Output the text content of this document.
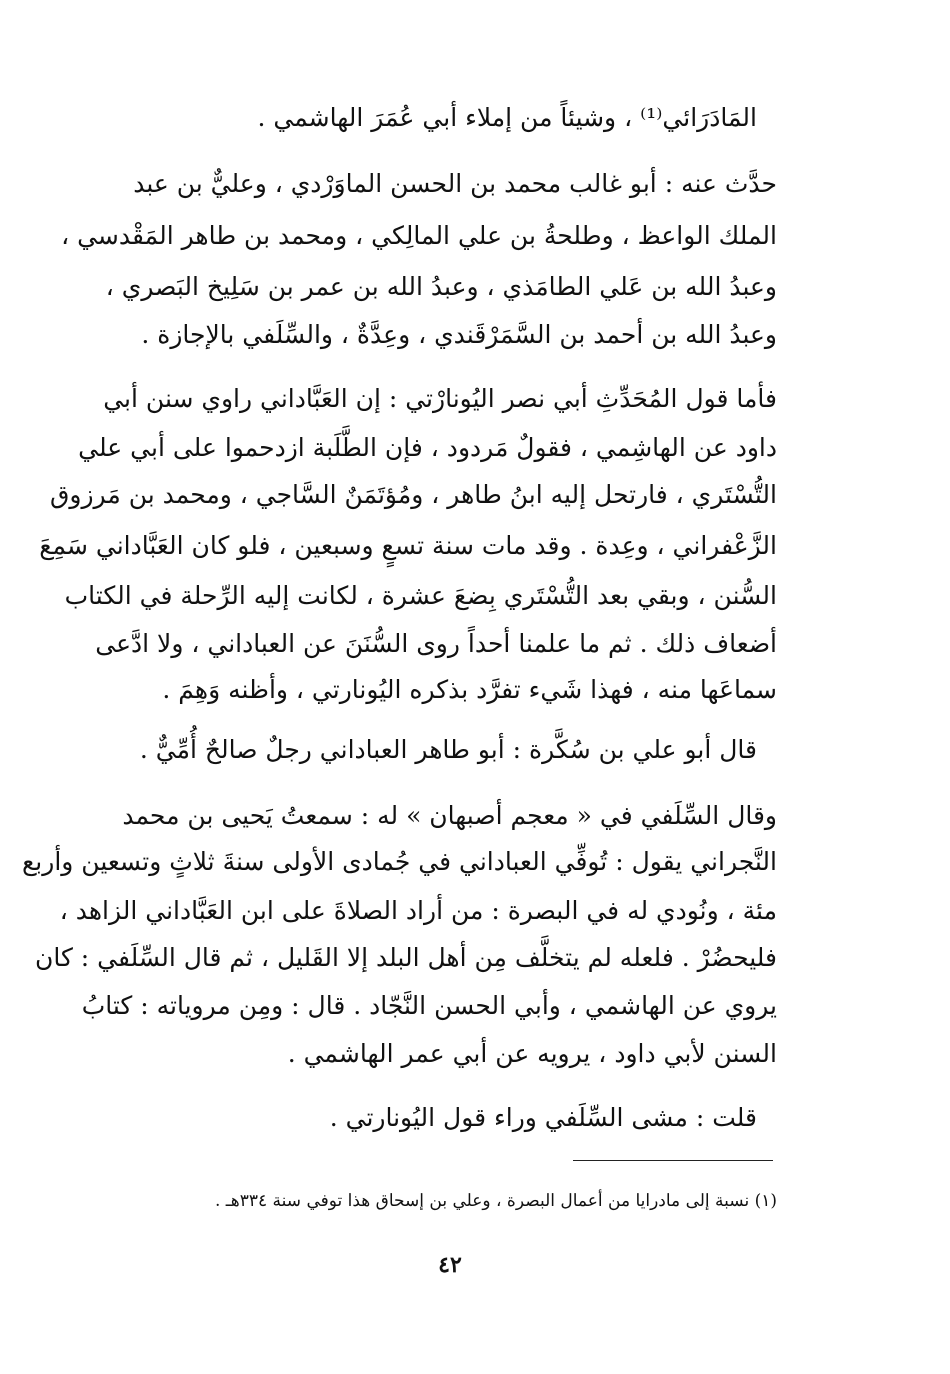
المَادَرَائي⁽¹⁾ ، وشيئاً من إملاء أبي عُمَرَ الهاشمي .
حدَّث عنه : أبو غالب محمد بن الحسن الماوَرْدي ، وعليٌّ بن عبد
الملك الواعظ ، وطلحةُ بن علي المالِكي ، ومحمد بن طاهر المَقْدسي ،
وعبدُ الله بن عَلي الطامَذي ، وعبدُ الله بن عمر بن سَلِيخ البَصري ،
وعبدُ الله بن أحمد بن السَّمَرْقَندي ، وعِدَّةٌ ، والسِّلَفي بالإجازة .
فأما قول المُحَدِّثِ أبي نصر اليُونارْتي : إن العَبَّاداني راوي سنن أبي
داود عن الهاشِمي ، فقولٌ مَردود ، فإن الطَّلَبة ازدحموا على أبي علي
التُّسْتَري ، فارتحل إليه ابنُ طاهر ، ومُؤتَمَنٌ السَّاجي ، ومحمد بن مَرزوق
الزَّعْفراني ، وعِدة . وقد مات سنة تسعٍ وسبعين ، فلو كان العَبَّاداني سَمِعَ
السُّنن ، وبقي بعد التُّسْتَري بِضعَ عشرة ، لكانت إليه الرِّحلة في الكتاب
أضعاف ذلك . ثم ما علمنا أحداً روى السُّنَنَ عن العباداني ، ولا ادَّعى
سماعَها منه ، فهذا شَيء تفرَّد بذكره اليُونارتي ، وأظنه وَهِمَ .
قال أبو علي بن سُكَّرة : أبو طاهر العباداني رجلٌ صالحٌ أُمِّيٌّ .
وقال السِّلَفي في « معجم أصبهان » له : سمعتُ يَحيى بن محمد
النَّجراني يقول : تُوفِّي العباداني في جُمادى الأولى سنةَ ثلاثٍ وتسعين وأربع
مئة ، ونُودي له في البصرة : من أراد الصلاةَ على ابن العَبَّاداني الزاهد ،
فليحضُرْ . فلعله لم يتخلَّف مِن أهل البلد إلا القَليل ، ثم قال السِّلَفي : كان
يروي عن الهاشمي ، وأبي الحسن النَّجّاد . قال : ومِن مروياته : كتابُ
السنن لأبي داود ، يرويه عن أبي عمر الهاشمي .
قلت : مشى السِّلَفي وراء قول اليُونارتي .
(١) نسبة إلى مادرايا من أعمال البصرة ، وعلي بن إسحاق هذا توفي سنة ٣٣٤هـ .
٤٢
